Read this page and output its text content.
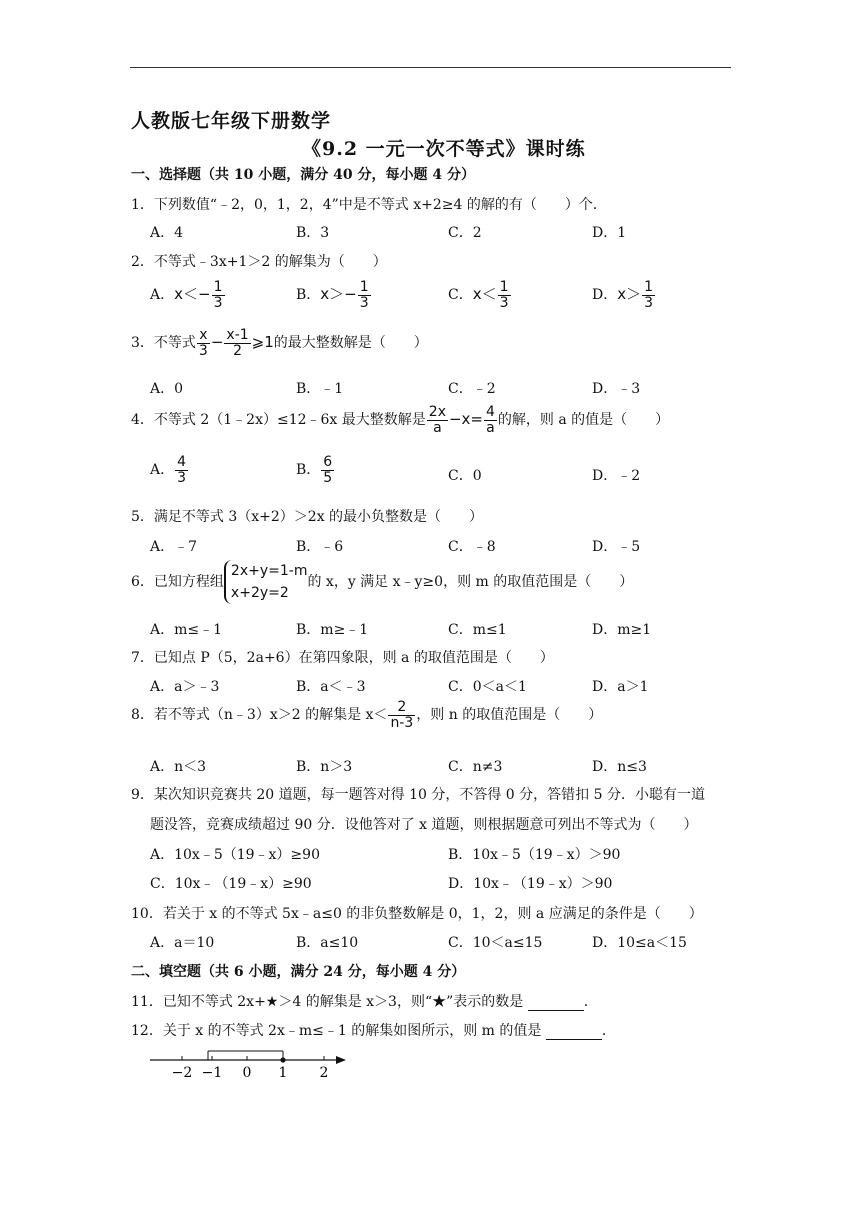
人教版七年级下册数学
《9.2 一元一次不等式》课时练
一、选择题（共 10 小题，满分 40 分，每小题 4 分）
1．下列数值“﹣2，0，1，2，4”中是不等式 x+2≥4 的解的有（　　）个．
A．4	B．3	C．2	D．1
2．不等式﹣3x+1＞2 的解集为（　　）
A．$x<- \frac{1}{3}$	B．$x>- \frac{1}{3}$	C．$x< \frac{1}{3}$	D．$x> \frac{1}{3}$
3．不等式 $\frac{x}{3} - \frac{x-1}{2}$ ⩾1的最大整数解是（　　）
A．0	B．﹣1	C．﹣2	D．﹣3
4．不等式 2（1﹣2x）≤12﹣6x 最大整数解是 $\frac{2x}{a} -x= \frac{4}{a}$ 的解，则 a 的值是（　　）
A． $\frac{4}{3}$	B． $\frac{6}{5}$	C．0	D．﹣2
5．满足不等式 3（x+2）＞2x 的最小负整数是（　　）
A．﹣7	B．﹣6	C．﹣8	D．﹣5
6．已知方程组
2x+y=1-m
x+2y=2
的 x，y 满足 x﹣y≥0，则 m 的取值范围是（　　）
A．m≤﹣1	B．m≥﹣1	C．m≤1	D．m≥1
7．已知点 P（5，2a+6）在第四象限，则 a 的取值范围是（　　）
A．a＞﹣3	B．a＜﹣3	C．0＜a＜1	D．a＞1
8．若不等式（n﹣3）x＞2 的解集是 $x< \frac{2}{n-3}$ ，则 n 的取值范围是（　　）
A．n＜3	B．n＞3	C．n≠3	D．n≤3
9．某次知识竞赛共 20 道题，每一题答对得 10 分，不答得 0 分，答错扣 5 分．小聪有一道
题没答，竞赛成绩超过 90 分．设他答对了 x 道题，则根据题意可列出不等式为（　　）
A．10x﹣5（19﹣x）≥90	B．10x﹣5（19﹣x）＞90
C．10x﹣（19﹣x）≥90	D．10x﹣（19﹣x）＞90
10．若关于 x 的不等式 5x﹣a≤0 的非负整数解是 0，1，2，则 a 应满足的条件是（　　）
A．a＝10	B．a≤10	C．10＜a≤15	D．10≤a＜15
二、填空题（共 6 小题，满分 24 分，每小题 4 分）
11．已知不等式 2x+★＞4 的解集是 x＞3，则“★”表示的数是	．
12．关于 x 的不等式 2x﹣m≤﹣1 的解集如图所示，则 m 的值是	．
−2 −1 0 1 2
